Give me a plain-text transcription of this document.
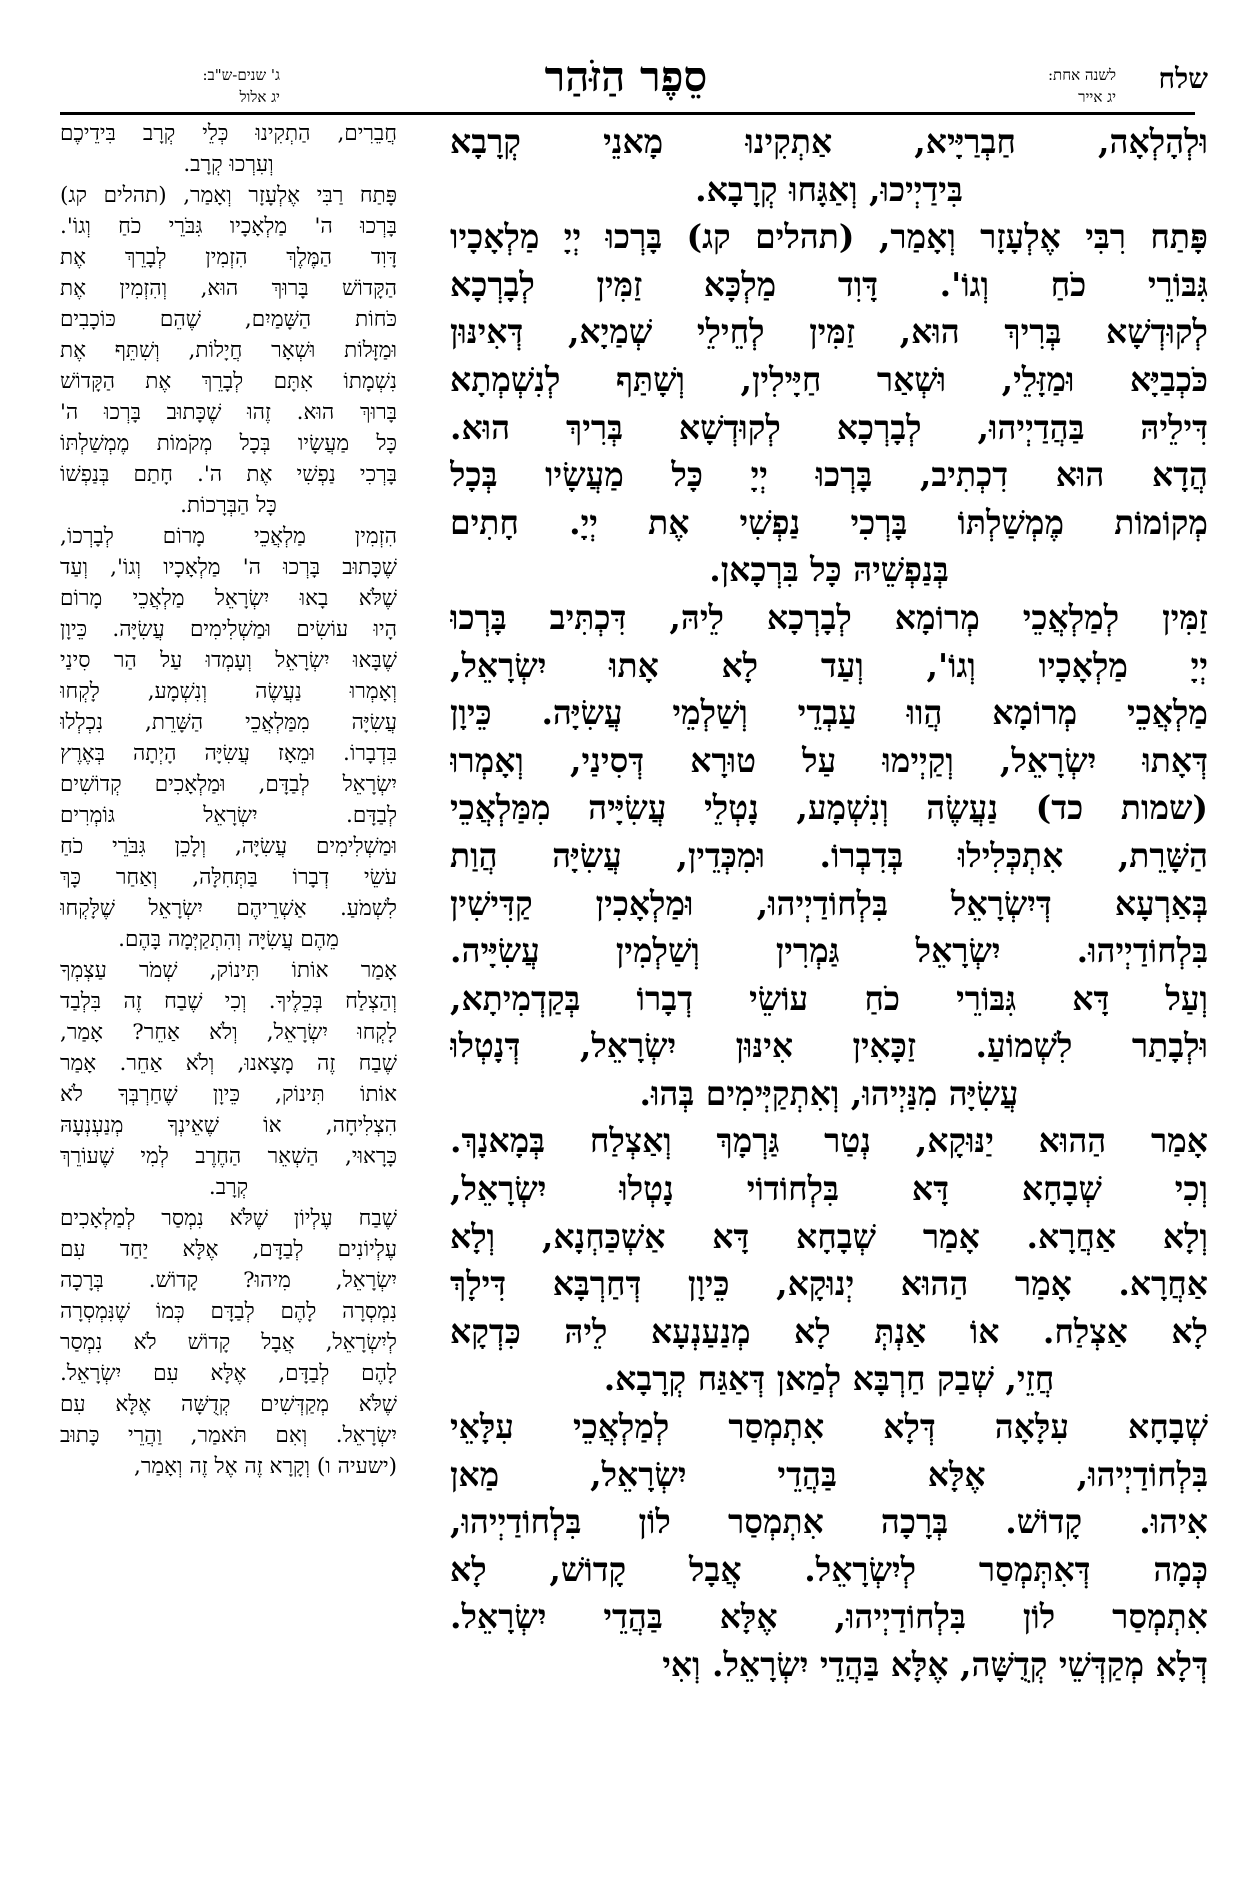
שלח
לשנה אחת:
יג אייר
סֵפֶר הַזֹּהַר
ג' שנים-ש"ב:
יג אלול
וּלְהָלְאָה, חַבְרַיָּיא, אַתְקִינוּ מָאנֵי קְרָבָא
בִּידַיְיכוּ, וְאַגָּחוּ קְרָבָא.
פָּתַח רִבִּי אֶלְעָזָר וְאָמַר, (תהלים קג) בָּרְכוּ יְיָ מַלְאָכָיו
גִּבּוֹרֵי כֹחַ וְגוֹ'. דָּוִד מַלְכָּא זַמִּין לְבָרְכָא
לְקוּדְשָׁא בְּרִיךְ הוּא, זַמִּין לְחֵילֵי שְׁמַיָא, דְּאִינּוּן
כֹּכְבַיָּא וּמַזָּלֵי, וּשְׁאַר חַיָּילִין, וְשָׁתַּף לְנִשְׁמְתָא
דִּילֵיהּ בַּהֲדַיְיהוּ, לְבָרְכָא לְקוּדְשָׁא בְּרִיךְ הוּא.
הֲדָא הוּא דִכְתִיב, בָּרְכוּ יְיָ כָּל מַעֲשָׂיו בְּכָל
מְקוֹמוֹת מֶמְשַׁלְתּוֹ בָּרְכִי נַפְשִׁי אֶת יְיָ. חָתִים
בְּנַפְשֵׁיהּ כָּל בִּרְכָאן.
זַמִּין לְמַלְאֲכֵי מְרוֹמָא לְבָרְכָא לֵיהּ, דִּכְתִּיב בָּרְכוּ
יְיָ מַלְאָכָיו וְגוֹ', וְעַד לָא אָתוּ יִשְׂרָאֵל,
מַלְאֲכֵי מְרוֹמָא הֲווּ עַבְדֵי וְשַׁלְמֵי עֲשִׂיָּה. כֵּיוָן
דְּאָתוּ יִשְׂרָאֵל, וְקַיְימוּ עַל טוּרָא דְּסִינַי, וְאָמְרוּ
(שמות כד) נַעֲשֶׂה וְנִשְׁמָע, נָטְלֵי עֲשִׂיָּיה מִמַּלְאֲכֵי
הַשָּׁרֵת, אִתְכְּלִילוּ בְּדִבְרוֹ. וּמִכְּדֵין, עֲשִׂיָּה הֲוַת
בְּאַרְעָא דְּיִשְׂרָאֵל בִּלְחוֹדַיְיהוּ, וּמַלְאָכִין קַדִּישִׁין
בִּלְחוֹדַיְיהוּ. יִשְׂרָאֵל גַּמְרִין וְשַׁלְמִין עֲשִׂיָּיה.
וְעַל דָּא גִּבּוֹרֵי כֹחַ עוֹשֵׂי דְבָרוֹ בְּקַדְמִיתָא,
וּלְבָתַר לִשְׁמוֹעַ. זַכָּאִין אִינּוּן יִשְׂרָאֵל, דְּנָטְלוּ
עֲשִׂיָּה מִנַּיְיהוּ, וְאִתְקַיְּימִים בְּהוּ.
אָמַר הַהוּא יַנּוּקָא, נְטַר גַּרְמָךְ וְאַצְלַח בְּמָאנָךְ.
וְכִי שְׁבָחָא דָּא בִּלְחוֹדוֹי נָטְלוּ יִשְׂרָאֵל,
וְלָא אַחֲרָא. אָמַר שְׁבָחָא דָּא אַשְׁכַּחְנָא, וְלָא
אַחֲרָא. אָמַר הַהוּא יְנוּקָא, כֵּיוָן דְּחַרְבָּא דִּילָךְ
לָא אַצְלַח. אוֹ אַנְתְּ לָא מְנַעַנְעָא לֵיהּ כִּדְקָא
חֲזֵי, שְׁבַק חַרְבָּא לְמַאן דְּאַגַּח קְרָבָא.
שְׁבָחָא עִלָּאָה דְּלָא אִתְמְסַר לְמַלְאֲכֵי עִלָּאֵי
בִּלְחוֹדַיְיהוּ, אֶלָּא בַּהֲדֵי יִשְׂרָאֵל, מַאן
אִיהוּ. קָדוֹשׁ. בְּרָכָה אִתְמְסַר לוֹן בִּלְחוֹדַיְיהוּ,
כְּמָה דְּאִתְּמְסַר לְיִשְׂרָאֵל. אֲבָל קָדוֹשׁ, לָא
אִתְמְסַר לוֹן בִּלְחוֹדַיְיהוּ, אֶלָּא בַּהֲדֵי יִשְׂרָאֵל.
דְּלָא מְקַדְּשֵׁי קְדֻשָּׁה, אֶלָּא בַּהֲדֵי יִשְׂרָאֵל. וְאִי
חֲבֵרִים, הַתְקִינוּ כְּלֵי קְרָב בִּידֵיכֶם
וְעִרְכוּ קְרָב.
פָּתַח רַבִּי אֶלְעָזָר וְאָמַר, (תהלים קג)
בָּרְכוּ ה' מַלְאָכָיו גִּבֹּרֵי כֹחַ וְגוֹ'.
דָּוִד הַמֶּלֶךְ הִזְמִין לְבָרֵךְ אֶת
הַקָּדוֹשׁ בָּרוּךְ הוּא, וְהִזְמִין אֶת
כֹּחוֹת הַשָּׁמַיִם, שֶׁהֵם כּוֹכָבִים
וּמַזָּלוֹת וּשְׁאָר חֲיָלוֹת, וְשִׁתֵּף אֶת
נִשְׁמָתוֹ אִתָּם לְבָרֵךְ אֶת הַקָּדוֹשׁ
בָּרוּךְ הוּא. זֶהוּ שֶׁכָּתוּב בָּרְכוּ ה'
כָּל מַעֲשָׂיו בְּכָל מְקֹמוֹת מֶמְשַׁלְתּוֹ
בָּרְכִי נַפְשִׁי אֶת ה'. חָתַם בְּנַפְשׁוֹ
כָּל הַבְּרָכוֹת.
הִזְמִין מַלְאֲכֵי מָרוֹם לְבָרְכוֹ,
שֶׁכָּתוּב בָּרְכוּ ה' מַלְאָכָיו וְגוֹ', וְעַד
שֶׁלֹּא בָאוּ יִשְׂרָאֵל מַלְאֲכֵי מָרוֹם
הָיוּ עוֹשִׂים וּמַשְׁלִימִים עֲשִׂיָּה. כֵּיוָן
שֶׁבָּאוּ יִשְׂרָאֵל וְעָמְדוּ עַל הַר סִינַי
וְאָמְרוּ נַעֲשֶׂה וְנִשְׁמָע, לָקְחוּ
עֲשִׂיָּה מִמַּלְאֲכֵי הַשָּׁרֵת, נִכְלְלוּ
בִּדְבָרוֹ. וּמֵאָז עֲשִׂיָּה הָיְתָה בְּאֶרֶץ
יִשְׂרָאֵל לְבַדָּם, וּמַלְאָכִים קְדוֹשִׁים
לְבַדָּם. יִשְׂרָאֵל גּוֹמְרִים
וּמַשְׁלִימִים עֲשִׂיָּה, וְלָכֵן גִּבֹּרֵי כֹחַ
עֹשֵׂי דְבָרוֹ בַּתְּחִלָּה, וְאַחַר כָּךְ
לִשְׁמֹעַ. אַשְׁרֵיהֶם יִשְׂרָאֵל שֶׁלָּקְחוּ
מֵהֶם עֲשִׂיָּה וְהִתְקַיְּמָה בָּהֶם.
אָמַר אוֹתוֹ תִּינוֹק, שְׁמֹר עַצְמְךָ
וְהַצְלַח בְּכֵלֶיךָ. וְכִי שֶׁבַח זֶה בִּלְבַד
לָקְחוּ יִשְׂרָאֵל, וְלֹא אַחֵר? אָמַר,
שֶׁבַח זֶה מָצָאנוּ, וְלֹא אַחֵר. אָמַר
אוֹתוֹ תִּינוֹק, כֵּיוָן שֶׁחַרְבְּךָ לֹא
הִצְלִיחָה, אוֹ שֶׁאֵינְךָ מְנַעְנְעָהּ
כָּרָאוּי, הַשְׁאֵר הַחֶרֶב לְמִי שֶׁעוֹרֵךְ
קְרָב.
שֶׁבַח עֶלְיוֹן שֶׁלֹּא נִמְסַר לְמַלְאָכִים
עֶלְיוֹנִים לְבַדָּם, אֶלָּא יַחַד עִם
יִשְׂרָאֵל, מִיהוּ? קָדוֹשׁ. בְּרָכָה
נִמְסְרָה לָהֶם לְבַדָּם כְּמוֹ שֶׁנִּמְסְרָה
לְיִשְׂרָאֵל, אֲבָל קָדוֹשׁ לֹא נִמְסַר
לָהֶם לְבַדָּם, אֶלָּא עִם יִשְׂרָאֵל.
שֶׁלֹּא מְקַדְּשִׁים קְדֻשָּׁה אֶלָּא עִם
יִשְׂרָאֵל. וְאִם תֹּאמַר, וַהֲרֵי כָּתוּב
(ישעיה ו) וְקָרָא זֶה אֶל זֶה וְאָמַר,
